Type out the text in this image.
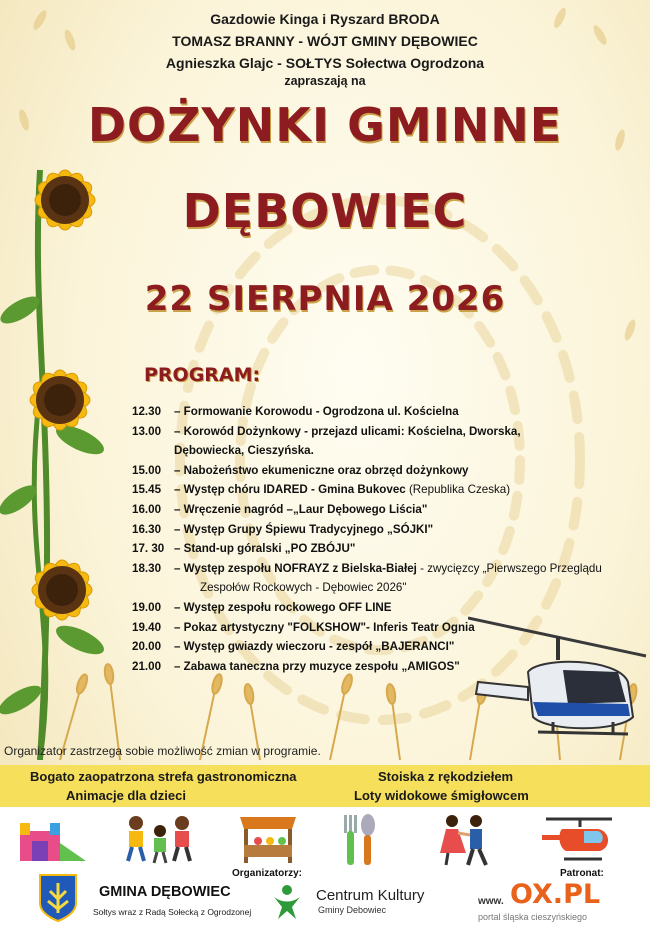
Gazdowie Kinga i Ryszard BRODA
TOMASZ BRANNY - WÓJT GMINY DĘBOWIEC
Agnieszka Glajc - SOŁTYS Sołectwa Ogrodzona
zapraszają na
DOŻYNKI GMINNE
DĘBOWIEC
22 SIERPNIA 2026
PROGRAM:
12.30 – Formowanie Korowodu - Ogrodzona ul. Kościelna
13.00 – Korowód Dożynkowy - przejazd ulicami: Kościelna, Dworska,
Dębowiecka, Cieszyńska.
15.00 – Nabożeństwo ekumeniczne oraz obrzęd dożynkowy
15.45 – Występ chóru IDARED - Gmina Bukovec (Republika Czeska)
16.00 – Wręczenie nagród –„Laur Dębowego Liścia"
16.30 – Występ Grupy Śpiewu Tradycyjnego „SÓJKI"
17. 30 – Stand-up góralski „PO ZBÓJU"
18.30 – Występ zespołu NOFRAYZ z Bielska-Białej - zwycięzcy „Pierwszego Przeglądu
Zespołów Rockowych - Dębowiec 2026"
19.00 – Występ zespołu rockowego OFF LINE
19.40 – Pokaz artystyczny "FOLKSHOW"- Inferis Teatr Ognia
20.00 – Występ gwiazdy wieczoru - zespół „BAJERANCI"
21.00 – Zabawa taneczna przy muzyce zespołu „AMIGOS"
Organizator zastrzega sobie możliwość zmian w programie.
Bogato zaopatrzona strefa gastronomiczna	Stoiska z rękodziełem
Animacje dla dzieci	Loty widokowe śmigłowcem
GMINA DĘBOWIEC
Sołtys wraz z Radą Sołecką z Ogrodzonej
Organizatorzy:
Centrum Kultury
Gminy Debowiec
Patronat:
www. OX.PL
portal śląska cieszyńskiego
